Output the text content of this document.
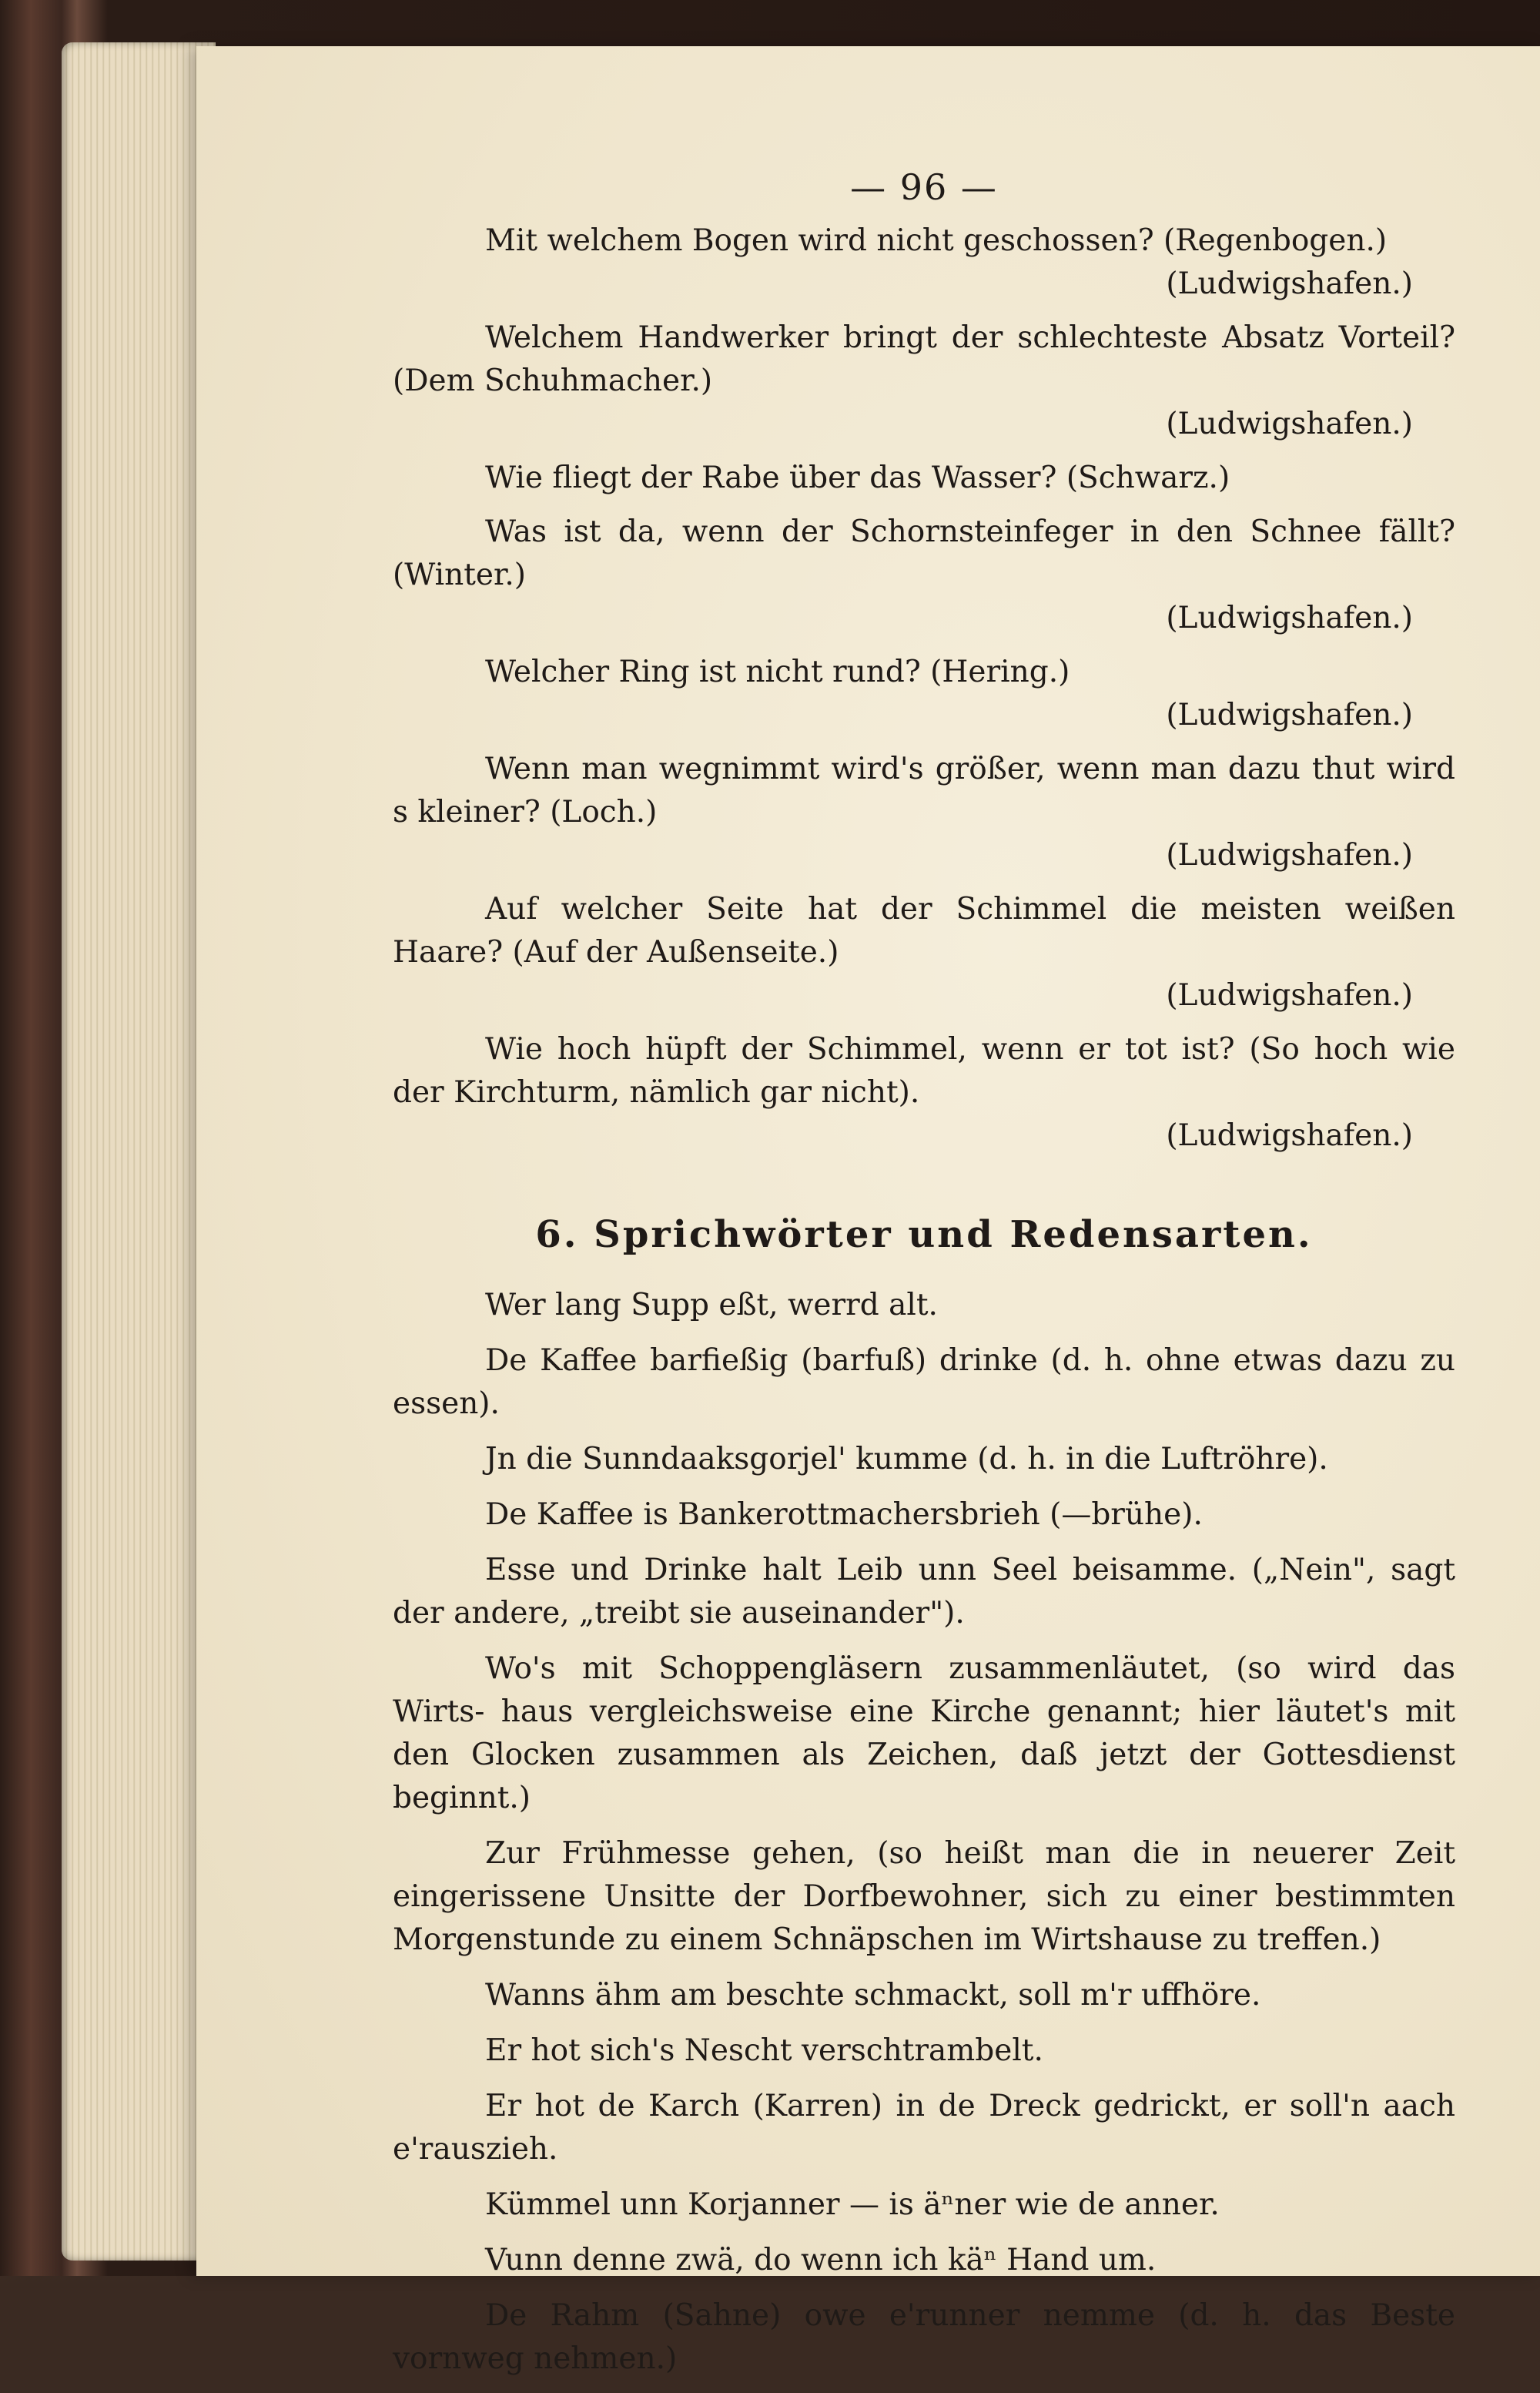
— 96 —
Mit welchem Bogen wird nicht geschossen? (Regenbogen.)
(Ludwigshafen.)
Welchem Handwerker bringt der schlechteste Absatz Vorteil? (Dem Schuhmacher.)
(Ludwigshafen.)
Wie fliegt der Rabe über das Wasser? (Schwarz.)
Was ist da, wenn der Schornsteinfeger in den Schnee fällt? (Winter.)
(Ludwigshafen.)
Welcher Ring ist nicht rund? (Hering.)
(Ludwigshafen.)
Wenn man wegnimmt wird's größer, wenn man dazu thut wird s kleiner? (Loch.)
(Ludwigshafen.)
Auf welcher Seite hat der Schimmel die meisten weißen Haare? (Auf der Außenseite.)
(Ludwigshafen.)
Wie hoch hüpft der Schimmel, wenn er tot ist? (So hoch wie der Kirchturm, nämlich gar nicht).
(Ludwigshafen.)
6. Sprichwörter und Redensarten.
Wer lang Supp eßt, werrd alt.
De Kaffee barfießig (barfuß) drinke (d. h. ohne etwas dazu zu essen).
Jn die Sunndaaksgorjel' kumme (d. h. in die Luftröhre).
De Kaffee is Bankerottmachersbrieh (—brühe).
Esse und Drinke halt Leib unn Seel beisamme. („Nein", sagt der andere, „treibt sie auseinander").
Wo's mit Schoppengläsern zusammenläutet, (so wird das Wirts- haus vergleichsweise eine Kirche genannt; hier läutet's mit den Glocken zusammen als Zeichen, daß jetzt der Gottesdienst beginnt.)
Zur Frühmesse gehen, (so heißt man die in neuerer Zeit eingerissene Unsitte der Dorfbewohner, sich zu einer bestimmten Morgenstunde zu einem Schnäpschen im Wirtshause zu treffen.)
Wanns ähm am beschte schmackt, soll m'r uffhöre.
Er hot sich's Nescht verschtrambelt.
Er hot de Karch (Karren) in de Dreck gedrickt, er soll'n aach e'rauszieh.
Kümmel unn Korjanner — is äⁿner wie de anner.
Vunn denne zwä, do wenn ich käⁿ Hand um.
De Rahm (Sahne) owe e'runner nemme (d. h. das Beste vornweg nehmen.)
